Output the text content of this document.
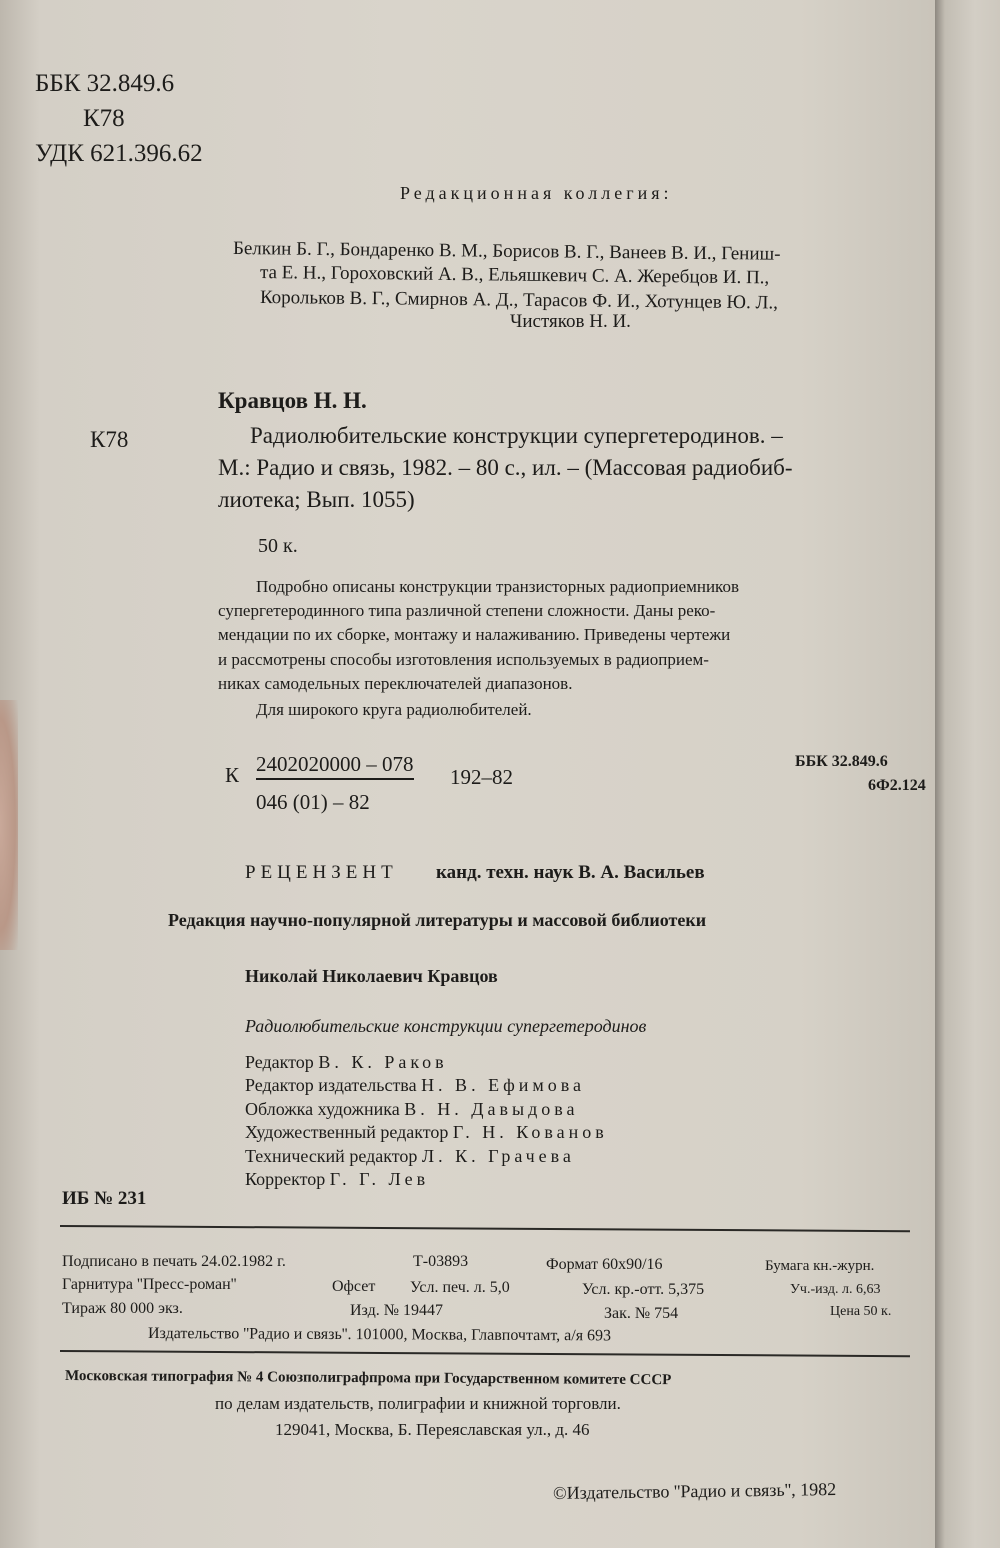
ББК 32.849.6
К78
УДК 621.396.62
Редакционная коллегия:
Белкин Б. Г., Бондаренко В. М., Борисов В. Г., Ванеев В. И., Гениш-
та Е. Н., Гороховский А. В., Ельяшкевич С. А. Жеребцов И. П.,
Корольков В. Г., Смирнов А. Д., Тарасов Ф. И., Хотунцев Ю. Л.,
Чистяков Н. И.
Кравцов Н. Н.
К78	Радиолюбительские конструкции супергетеродинов. –
М.: Радио и связь, 1982. – 80 с., ил. – (Массовая радиобиб-
лиотека; Вып. 1055)
50 к.
Подробно описаны конструкции транзисторных радиоприемников
супергетеродинного типа различной степени сложности. Даны реко-
мендации по их сборке, монтажу и налаживанию. Приведены чертежи
и рассмотрены способы изготовления используемых в радиоприем-
никах самодельных переключателей диапазонов.
Для широкого круга радиолюбителей.
К 2402020000 – 078
192–82
046 (01) – 82
ББК 32.849.6
6Ф2.124
РЕЦЕНЗЕНТ канд. техн. наук В. А. Васильев
Редакция научно-популярной литературы и массовой библиотеки
Николай Николаевич Кравцов
Радиолюбительские конструкции супергетеродинов
Редактор В. К. Раков
Редактор издательства Н. В. Ефимова
Обложка художника В. Н. Давыдова
Художественный редактор Г. Н. Кованов
Технический редактор Л. К. Грачева
Корректор Г. Г. Лев
ИБ № 231
Подписано в печать 24.02.1982 г.	Т-03893	Формат 60х90/16	Бумага кн.-журн.
Гарнитура ''Пресс-роман''	Офсет Усл. печ. л. 5,0	Усл. кр.-отт. 5,375	Уч.-изд. л. 6,63
Тираж 80 000 экз.	Изд. № 19447	Зак. № 754	Цена 50 к.
Издательство ''Радио и связь''. 101000, Москва, Главпочтамт, а/я 693
Московская типография № 4 Союзполиграфпрома при Государственном комитете СССР
по делам издательств, полиграфии и книжной торговли.
129041, Москва, Б. Переяславская ул., д. 46
©Издательство ''Радио и связь'', 1982
